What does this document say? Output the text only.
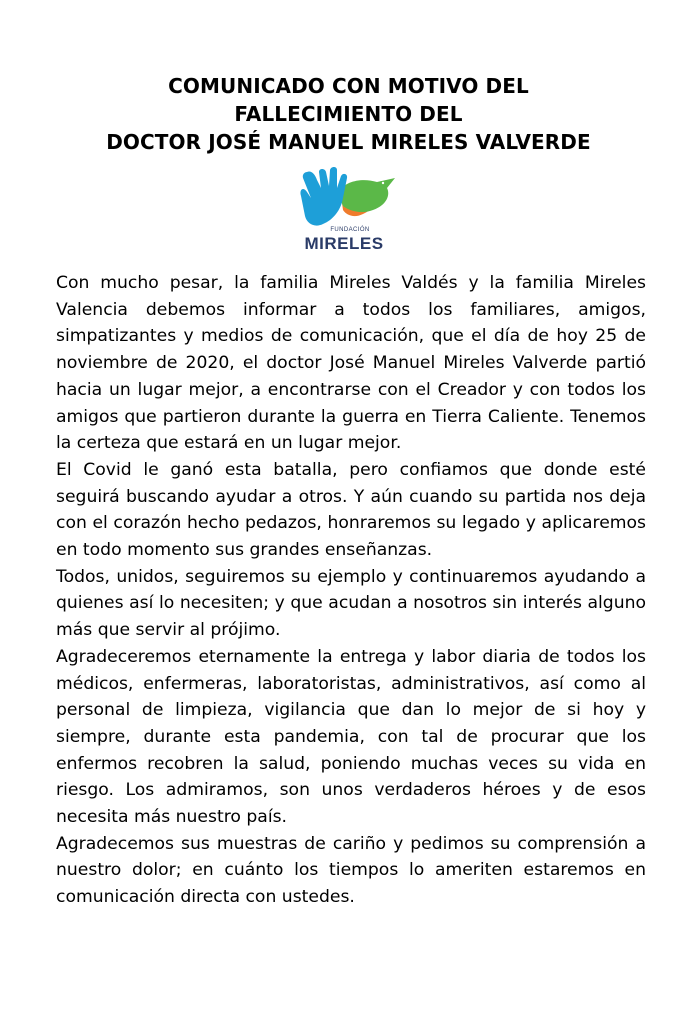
COMUNICADO CON MOTIVO DEL
FALLECIMIENTO DEL
DOCTOR JOSÉ MANUEL MIRELES VALVERDE
FUNDACIÓN
MIRELES

Con mucho pesar, la familia Mireles Valdés y la familia Mireles Valencia debemos informar a todos los familiares, amigos, simpatizantes y medios de comunicación, que el día de hoy 25 de noviembre de 2020, el doctor José Manuel Mireles Valverde partió hacia un lugar mejor, a encontrarse con el Creador y con todos los amigos que partieron durante la guerra en Tierra Caliente. Tenemos la certeza que estará en un lugar mejor.

El Covid le ganó esta batalla, pero confiamos que donde esté seguirá buscando ayudar a otros. Y aún cuando su partida nos deja con el corazón hecho pedazos, honraremos su legado y aplicaremos en todo momento sus grandes enseñanzas.

Todos, unidos, seguiremos su ejemplo y continuaremos ayudando a quienes así lo necesiten; y que acudan a nosotros sin interés alguno más que servir al prójimo.

Agradeceremos eternamente la entrega y labor diaria de todos los médicos, enfermeras, laboratoristas, administrativos, así como al personal de limpieza, vigilancia que dan lo mejor de si hoy y siempre, durante esta pandemia, con tal de procurar que los enfermos recobren la salud, poniendo muchas veces su vida en riesgo. Los admiramos, son unos verdaderos héroes y de esos necesita más nuestro país.

Agradecemos sus muestras de cariño y pedimos su comprensión a nuestro dolor; en cuánto los tiempos lo ameriten estaremos en comunicación directa con ustedes.
